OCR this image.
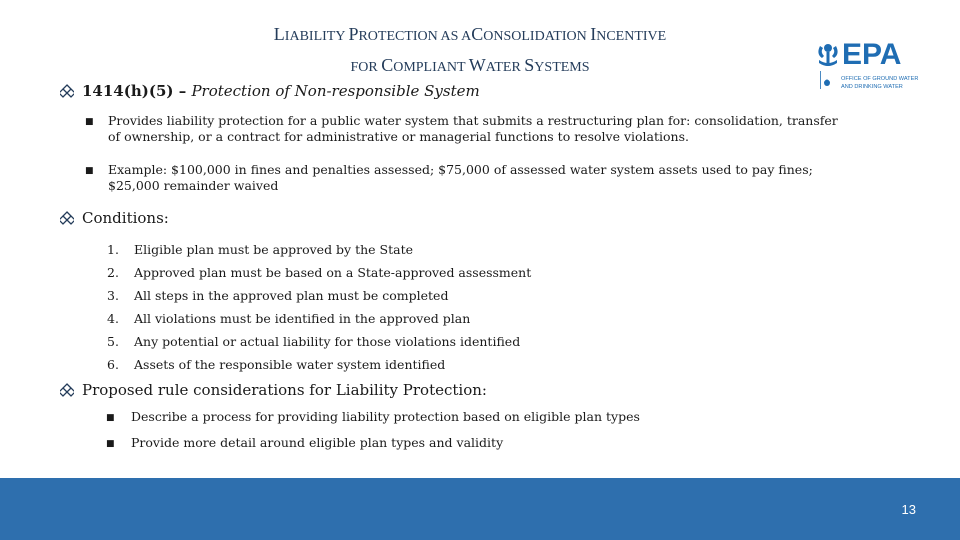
LIABILITY PROTECTION AS ACONSOLIDATION INCENTIVE
FOR COMPLIANT WATER SYSTEMS	EPA
OFFICE OF GROUND WATER
AND DRINKING WATER
1414(h)(5) – Protection of Non-responsible System
■ Provides liability protection for a public water system that submits a restructuring plan for: consolidation, transfer
of ownership, or a contract for administrative or managerial functions to resolve violations.
■ Example: $100,000 in fines and penalties assessed; $75,000 of assessed water system assets used to pay fines;
$25,000 remainder waived
Conditions:
1. Eligible plan must be approved by the State
2. Approved plan must be based on a State-approved assessment
3. All steps in the approved plan must be completed
4. All violations must be identified in the approved plan
5. Any potential or actual liability for those violations identified
6. Assets of the responsible water system identified
Proposed rule considerations for Liability Protection:
■ Describe a process for providing liability protection based on eligible plan types
■ Provide more detail around eligible plan types and validity
13
